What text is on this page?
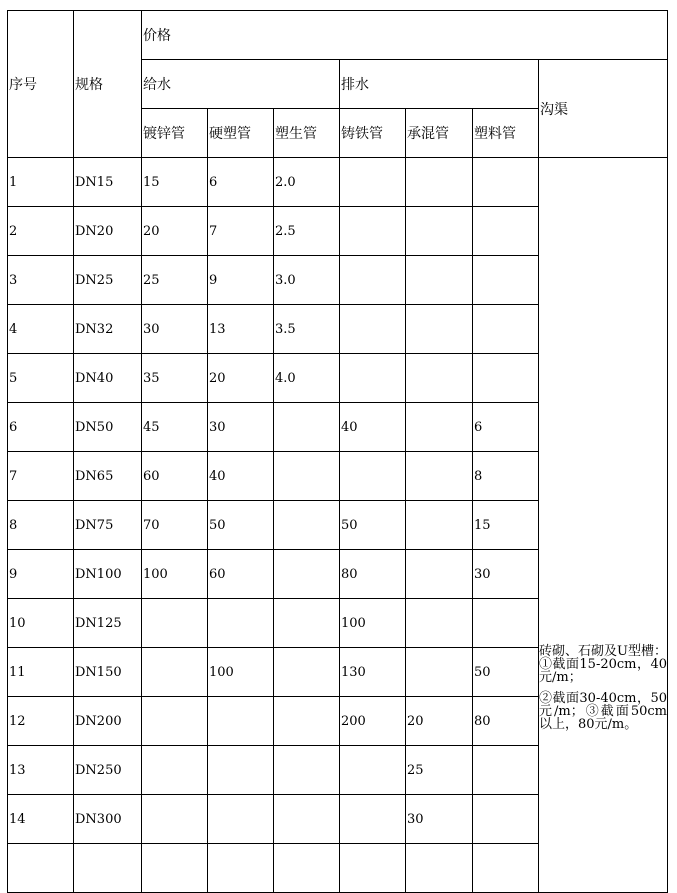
序号	规格	价格						
		给水			排水			沟渠
		镀锌管	硬塑管	塑生管	铸铁管	承混管	塑料管	
1	DN15	15	6	2.0				砖砌、石砌及U型槽：①截面15-20cm，40元/m；

②截面30-40cm，50元/m；③截面50cm以上，80元/m。

2	DN20	20	7	2.5				
3	DN25	25	9	3.0				
4	DN32	30	13	3.5				
5	DN40	35	20	4.0				
6	DN50	45	30		40		6	
7	DN65	60	40				8	
8	DN75	70	50		50		15	
9	DN100	100	60		80		30	
10	DN125				100			
11	DN150		100		130		50	
12	DN200				200	20	80	
13	DN250					25		
14	DN300					30		
